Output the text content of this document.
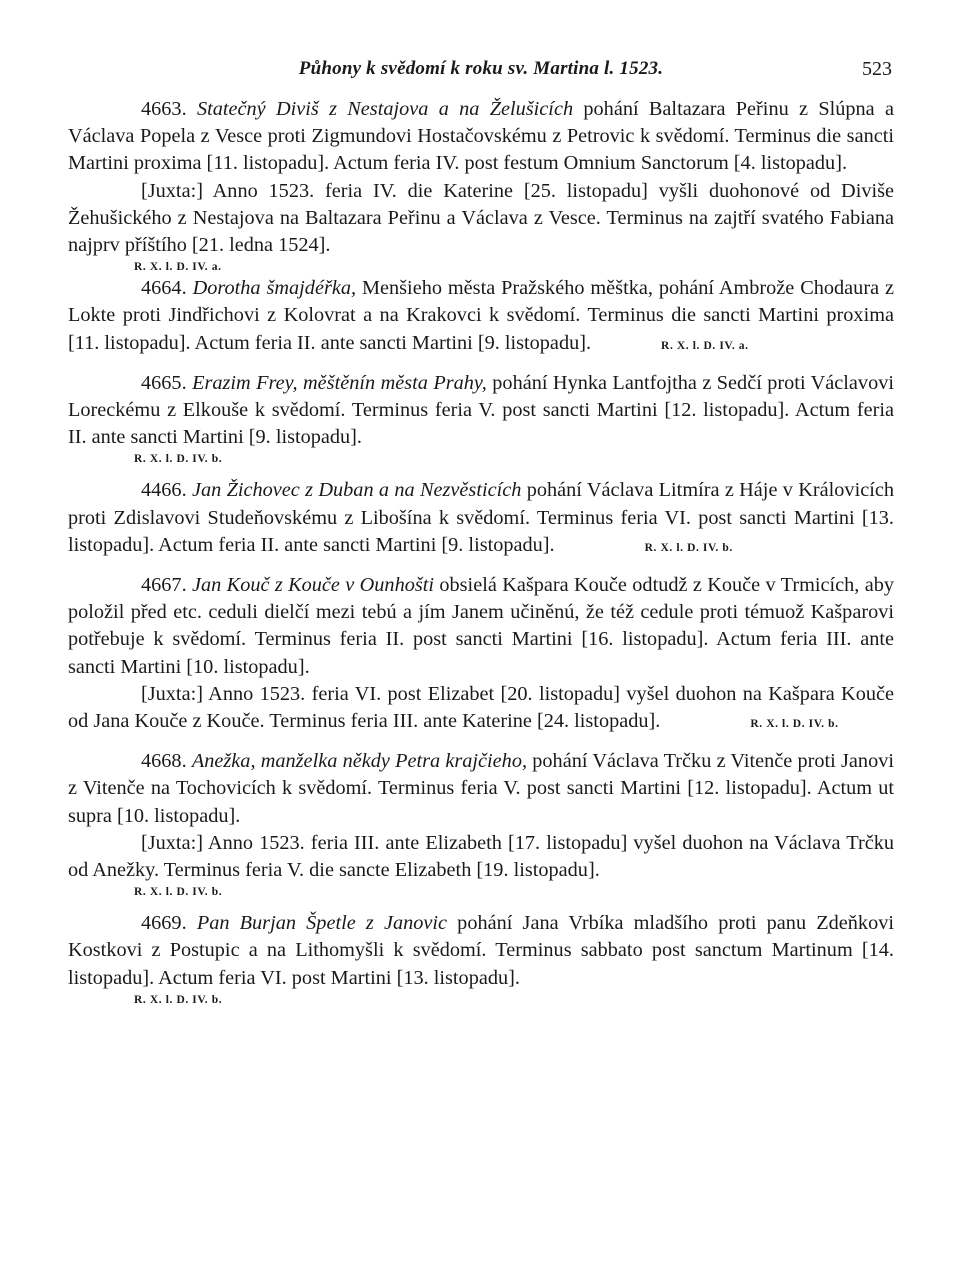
Půhony k svědomí k roku sv. Martina l. 1523.	523

4663. Statečný Diviš z Nestajova a na Želušicích pohání Baltazara Peřinu z Slúpna a Václava Popela z Vesce proti Zigmundovi Hostačovskému z Petrovic k svědomí. Terminus die sancti Martini proxima [11. listopadu]. Actum feria IV. post festum Omnium Sanctorum [4. listopadu].

[Juxta:] Anno 1523. feria IV. die Katerine [25. listopadu] vyšli duohonové od Diviše Žehušického z Nestajova na Baltazara Peřinu a Václava z Vesce. Terminus na zajtří svatého Fabiana najprv příštího [21. ledna 1524].

R. X. l. D. IV. a.

4664. Dorotha šmajdéřka, Menšieho města Pražského měštka, pohání Ambrože Chodaura z Lokte proti Jindřichovi z Kolovrat a na Krakovci k svědomí. Terminus die sancti Martini proxima [11. listopadu]. Actum feria II. ante sancti Martini [9. listopadu].	R. X. l. D. IV. a.

4665. Erazim Frey, měštěnín města Prahy, pohání Hynka Lantfojtha z Sedčí proti Václavovi Loreckému z Elkouše k svědomí. Terminus feria V. post sancti Martini [12. listopadu]. Actum feria II. ante sancti Martini [9. listopadu].

R. X. l. D. IV. b.

4466. Jan Žichovec z Duban a na Nezvěsticích pohání Václava Litmíra z Háje v Královicích proti Zdislavovi Studeňovskému z Libošína k svědomí. Terminus feria VI. post sancti Martini [13. listopadu]. Actum feria II. ante sancti Martini [9. listopadu].	R. X. l. D. IV. b.

4667. Jan Kouč z Kouče v Ounhošti obsielá Kašpara Kouče odtudž z Kouče v Trmicích, aby položil před etc. ceduli dielčí mezi tebú a jím Janem učiněnú, že též cedule proti témuož Kašparovi potřebuje k svědomí. Terminus feria II. post sancti Martini [16. listopadu]. Actum feria III. ante sancti Martini [10. listopadu].

[Juxta:] Anno 1523. feria VI. post Elizabet [20. listopadu] vyšel duohon na Kašpara Kouče od Jana Kouče z Kouče. Terminus feria III. ante Katerine [24. listopadu].	R. X. l. D. IV. b.

4668. Anežka, manželka někdy Petra krajčieho, pohání Václava Trčku z Vitenče proti Janovi z Vitenče na Tochovicích k svědomí. Terminus feria V. post sancti Martini [12. listopadu]. Actum ut supra [10. listopadu].

[Juxta:] Anno 1523. feria III. ante Elizabeth [17. listopadu] vyšel duohon na Václava Trčku od Anežky. Terminus feria V. die sancte Elizabeth [19. listopadu].

R. X. l. D. IV. b.

4669. Pan Burjan Špetle z Janovic pohání Jana Vrbíka mladšího proti panu Zdeňkovi Kostkovi z Postupic a na Lithomyšli k svědomí. Terminus sabbato post sanctum Martinum [14. listopadu]. Actum feria VI. post Martini [13. listopadu].

R. X. l. D. IV. b.
